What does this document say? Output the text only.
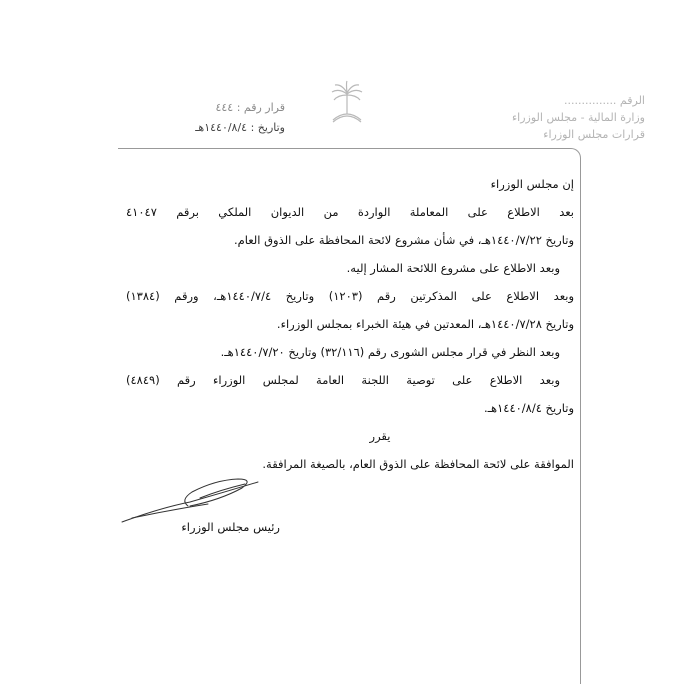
الرقم ...............
وزارة المالية - مجلس الوزراء
قرارات مجلس الوزراء
قرار رقم : ٤٤٤
وتاريخ : ١٤٤٠/٨/٤هـ
إن مجلس الوزراء
بعد الاطلاع على المعاملة الواردة من الديوان الملكي برقم ٤١٠٤٧
وتاريخ ١٤٤٠/٧/٢٢هـ، في شأن مشروع لائحة المحافظة على الذوق العام.
وبعد الاطلاع على مشروع اللائحة المشار إليه.
وبعد الاطلاع على المذكرتين رقم (١٢٠٣) وتاريخ ١٤٤٠/٧/٤هـ، ورقم (١٣٨٤)
وتاريخ ١٤٤٠/٧/٢٨هـ، المعدتين في هيئة الخبراء بمجلس الوزراء.
وبعد النظر في قرار مجلس الشورى رقم (٣٢/١١٦) وتاريخ ١٤٤٠/٧/٢٠هـ.
وبعد الاطلاع على توصية اللجنة العامة لمجلس الوزراء رقم (٤٨٤٩)
وتاريخ ١٤٤٠/٨/٤هـ.
يقرر
الموافقة على لائحة المحافظة على الذوق العام، بالصيغة المرافقة.
رئيس مجلس الوزراء
